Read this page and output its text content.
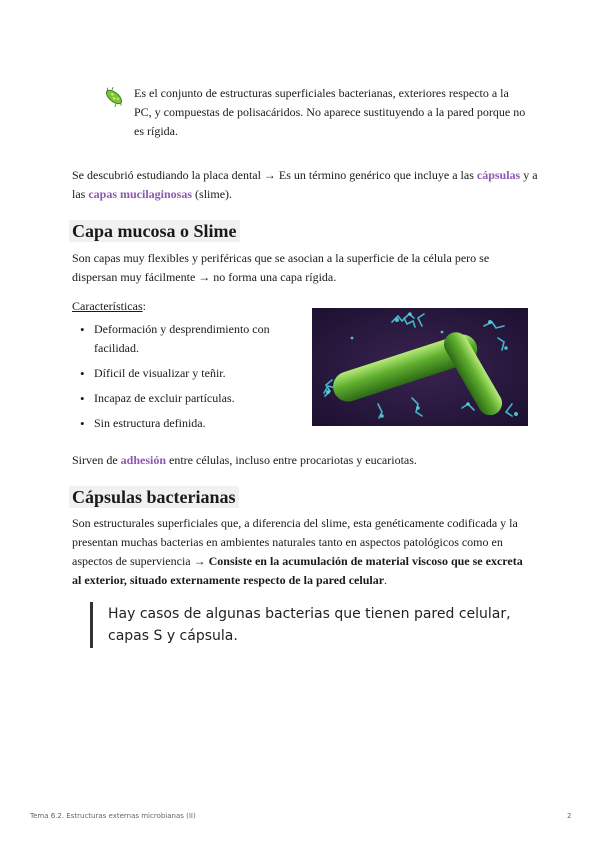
Es el conjunto de estructuras superficiales bacterianas, exteriores respecto a la PC, y compuestas de polisacáridos. No aparece sustituyendo a la pared porque no es rígida.
Se descubrió estudiando la placa dental → Es un término genérico que incluye a las cápsulas y a las capas mucilaginosas (slime).
Capa mucosa o Slime
Son capas muy flexibles y periféricas que se asocian a la superficie de la célula pero se dispersan muy fácilmente → no forma una capa rígida.
Características:
• Deformación y desprendimiento con facilidad.
• Díficil de visualizar y teñir.
• Incapaz de excluir partículas.
• Sin estructura definida.
Sirven de adhesión entre células, incluso entre procariotas y eucariotas.
Cápsulas bacterianas
Son estructurales superficiales que, a diferencia del slime, esta genéticamente codificada y la presentan muchas bacterias en ambientes naturales tanto en aspectos patológicos como en aspectos de superviencia → Consiste en la acumulación de material viscoso que se excreta al exterior, situado externamente respecto de la pared celular.
Hay casos de algunas bacterias que tienen pared celular, capas S y cápsula.
Tema 6.2. Estructuras externas microbianas (II)	2
